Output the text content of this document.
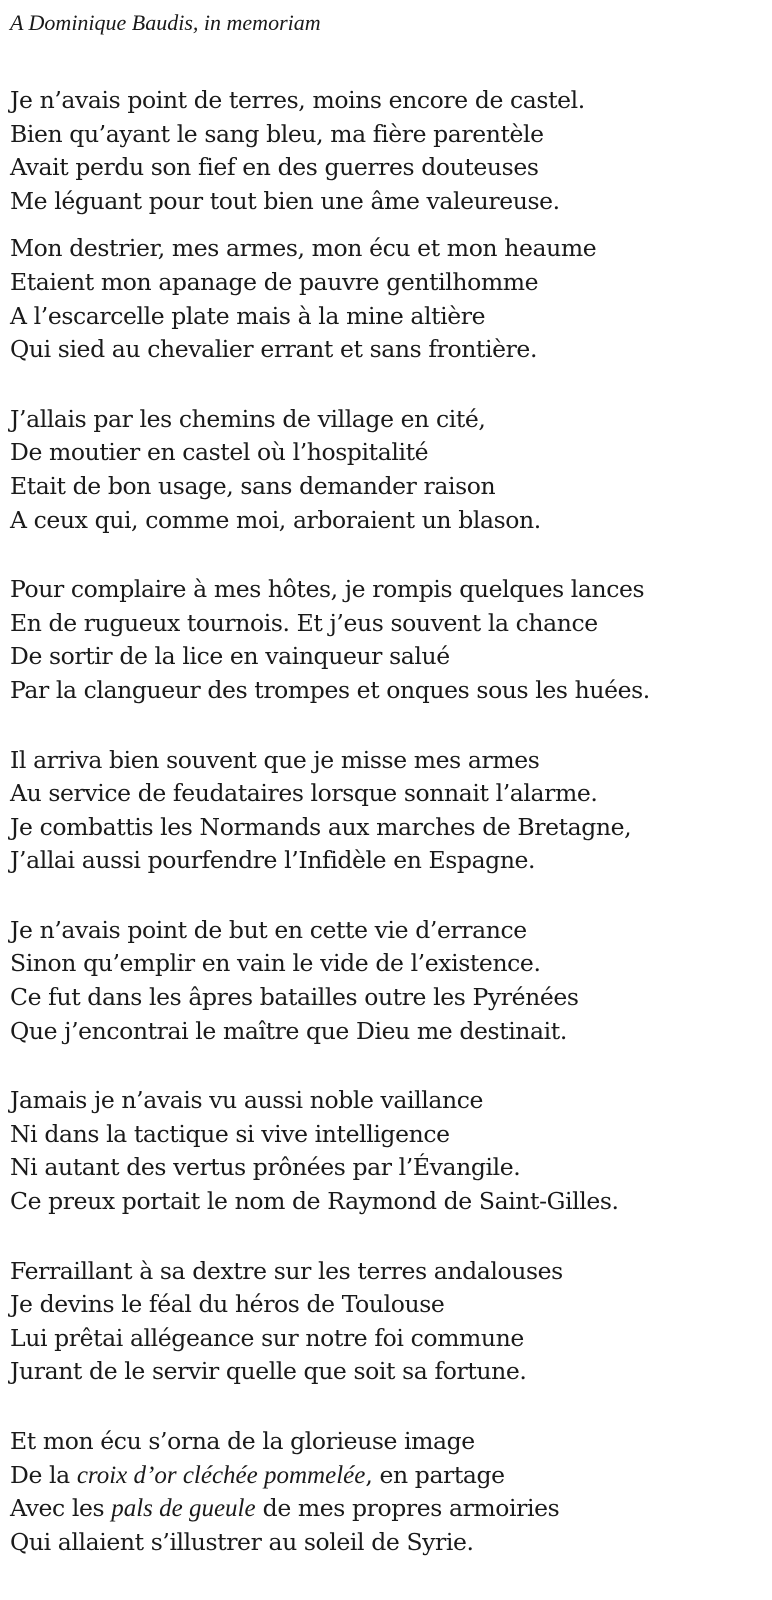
A Dominique Baudis, in memoriam
Je n’avais point de terres, moins encore de castel.
Bien qu’ayant le sang bleu, ma fière parentèle
Avait perdu son fief en des guerres douteuses
Me léguant pour tout bien une âme valeureuse.
Mon destrier, mes armes, mon écu et mon heaume
Etaient mon apanage de pauvre gentilhomme
A l’escarcelle plate mais à la mine altière
Qui sied au chevalier errant et sans frontière.
J’allais par les chemins de village en cité,
De moutier en castel où l’hospitalité
Etait de bon usage, sans demander raison
A ceux qui, comme moi, arboraient un blason.
Pour complaire à mes hôtes, je rompis quelques lances
En de rugueux tournois. Et j’eus souvent la chance
De sortir de la lice en vainqueur salué
Par la clangueur des trompes et onques sous les huées.
Il arriva bien souvent que je misse mes armes
Au service de feudataires lorsque sonnait l’alarme.
Je combattis les Normands aux marches de Bretagne,
J’allai aussi pourfendre l’Infidèle en Espagne.
Je n’avais point de but en cette vie d’errance
Sinon qu’emplir en vain le vide de l’existence.
Ce fut dans les âpres batailles outre les Pyrénées
Que j’encontrai le maître que Dieu me destinait.
Jamais je n’avais vu aussi noble vaillance
Ni dans la tactique si vive intelligence
Ni autant des vertus prônées par l’Évangile.
Ce preux portait le nom de Raymond de Saint-Gilles.
Ferraillant à sa dextre sur les terres andalouses
Je devins le féal du héros de Toulouse
Lui prêtai allégeance sur notre foi commune
Jurant de le servir quelle que soit sa fortune.
Et mon écu s’orna de la glorieuse image
De la croix d’or cléchée pommelée, en partage
Avec les pals de gueule de mes propres armoiries
Qui allaient s’illustrer au soleil de Syrie.
